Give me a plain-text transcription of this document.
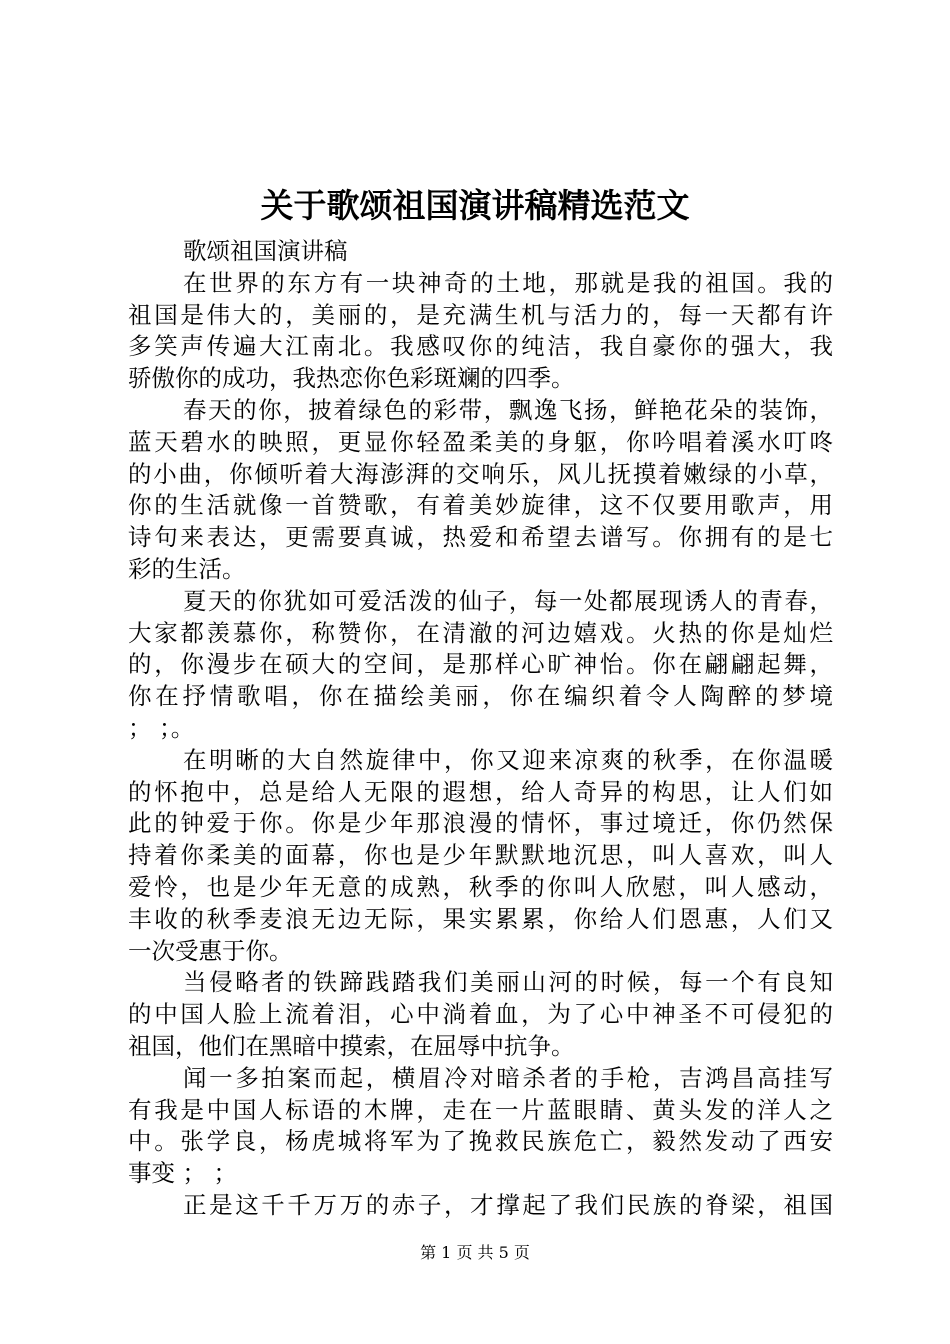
关于歌颂祖国演讲稿精选范文
歌颂祖国演讲稿
在世界的东方有一块神奇的土地，那就是我的祖国。我的
祖国是伟大的，美丽的，是充满生机与活力的，每一天都有许
多笑声传遍大江南北。我感叹你的纯洁，我自豪你的强大，我
骄傲你的成功，我热恋你色彩斑斓的四季。
春天的你，披着绿色的彩带，飘逸飞扬，鲜艳花朵的装饰，
蓝天碧水的映照，更显你轻盈柔美的身躯，你吟唱着溪水叮咚
的小曲，你倾听着大海澎湃的交响乐，风儿抚摸着嫩绿的小草，
你的生活就像一首赞歌，有着美妙旋律，这不仅要用歌声，用
诗句来表达，更需要真诚，热爱和希望去谱写。你拥有的是七
彩的生活。
夏天的你犹如可爱活泼的仙子，每一处都展现诱人的青春，
大家都羡慕你，称赞你，在清澈的河边嬉戏。火热的你是灿烂
的，你漫步在硕大的空间，是那样心旷神怡。你在翩翩起舞，
你在抒情歌唱，你在描绘美丽，你在编织着令人陶醉的梦境
； ；。
在明晰的大自然旋律中，你又迎来凉爽的秋季，在你温暖
的怀抱中，总是给人无限的遐想，给人奇异的构思，让人们如
此的钟爱于你。你是少年那浪漫的情怀，事过境迁，你仍然保
持着你柔美的面幕，你也是少年默默地沉思，叫人喜欢，叫人
爱怜，也是少年无意的成熟，秋季的你叫人欣慰，叫人感动，
丰收的秋季麦浪无边无际，果实累累，你给人们恩惠，人们又
一次受惠于你。
当侵略者的铁蹄践踏我们美丽山河的时候，每一个有良知
的中国人脸上流着泪，心中淌着血，为了心中神圣不可侵犯的
祖国，他们在黑暗中摸索，在屈辱中抗争。
闻一多拍案而起，横眉冷对暗杀者的手枪，吉鸿昌高挂写
有我是中国人标语的木牌，走在一片蓝眼睛、黄头发的洋人之
中。张学良，杨虎城将军为了挽救民族危亡，毅然发动了西安
事变 ； ；
正是这千千万万的赤子，才撑起了我们民族的脊梁，祖国
第 1 页 共 5 页
